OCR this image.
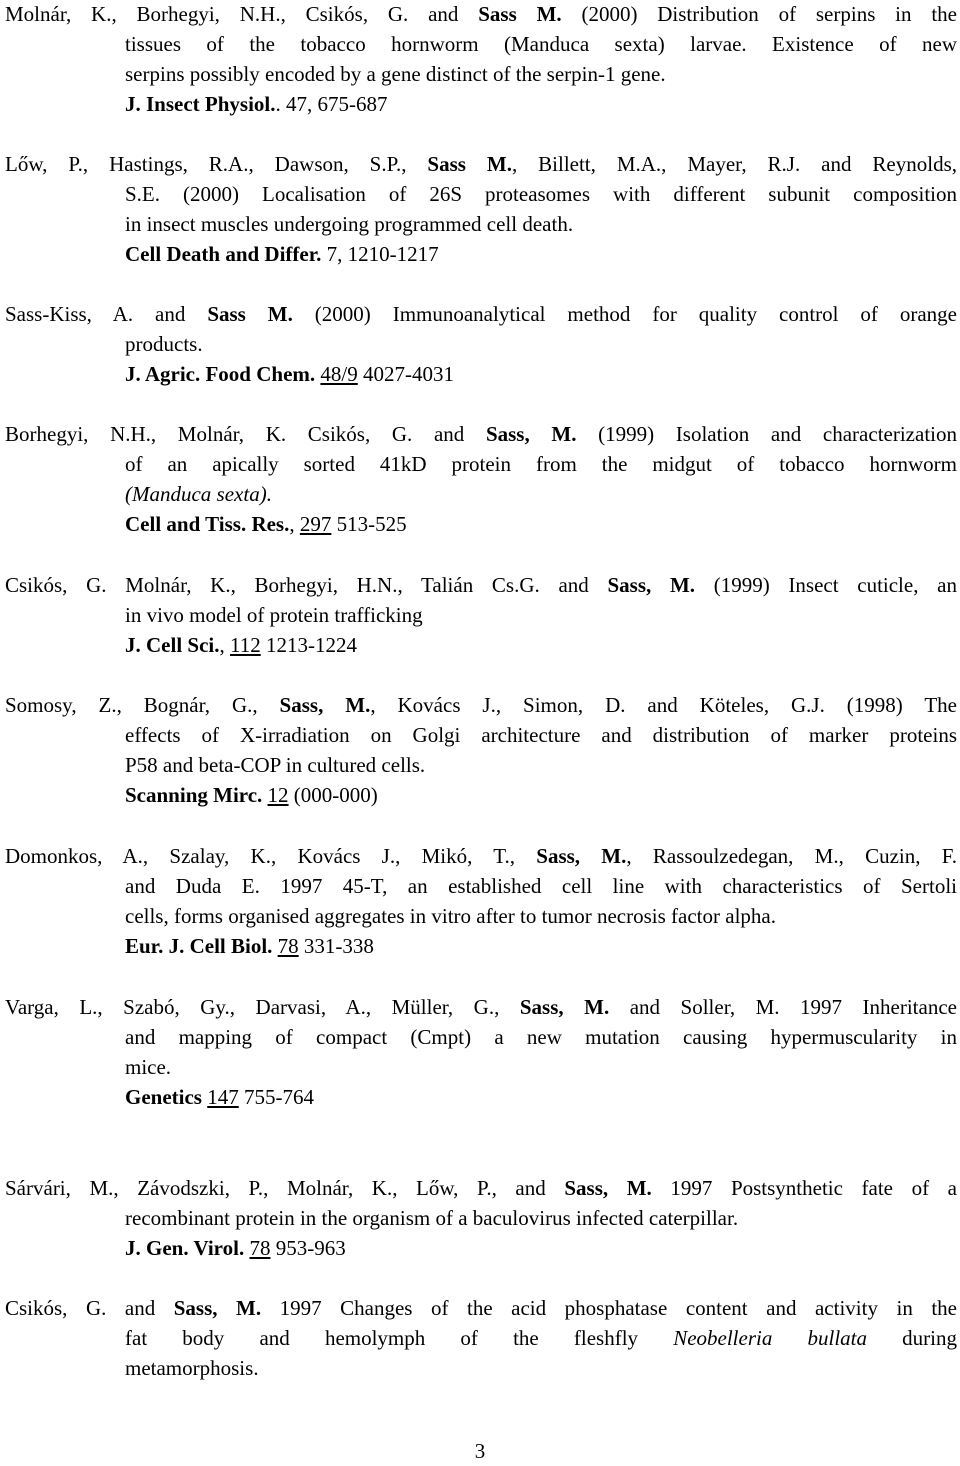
Molnár, K., Borhegyi, N.H., Csikós, G. and Sass M. (2000) Distribution of serpins in the
tissues of the tobacco hornworm (Manduca sexta) larvae. Existence of new
serpins possibly encoded by a gene distinct of the serpin-1 gene.
J. Insect Physiol.. 47, 675-687
Lőw, P., Hastings, R.A., Dawson, S.P., Sass M., Billett, M.A., Mayer, R.J. and Reynolds,
S.E. (2000) Localisation of 26S proteasomes with different subunit composition
in insect muscles undergoing programmed cell death.
Cell Death and Differ. 7, 1210-1217
Sass-Kiss, A. and Sass M. (2000) Immunoanalytical method for quality control of orange
products.
J. Agric. Food Chem. 48/9 4027-4031
Borhegyi, N.H., Molnár, K. Csikós, G. and Sass, M. (1999) Isolation and characterization
of an apically sorted 41kD protein from the midgut of tobacco hornworm
(Manduca sexta).
Cell and Tiss. Res., 297 513-525
Csikós, G. Molnár, K., Borhegyi, H.N., Talián Cs.G. and Sass, M. (1999) Insect cuticle, an
in vivo model of protein trafficking
J. Cell Sci., 112 1213-1224
Somosy, Z., Bognár, G., Sass, M., Kovács J., Simon, D. and Köteles, G.J. (1998) The
effects of X-irradiation on Golgi architecture and distribution of marker proteins
P58 and beta-COP in cultured cells.
Scanning Mirc. 12 (000-000)
Domonkos, A., Szalay, K., Kovács J., Mikó, T., Sass, M., Rassoulzedegan, M., Cuzin, F.
and Duda E. 1997 45-T, an established cell line with characteristics of Sertoli
cells, forms organised aggregates in vitro after to tumor necrosis factor alpha.
Eur. J. Cell Biol. 78 331-338
Varga, L., Szabó, Gy., Darvasi, A., Müller, G., Sass, M. and Soller, M. 1997 Inheritance
and mapping of compact (Cmpt) a new mutation causing hypermuscularity in
mice.
Genetics 147 755-764
Sárvári, M., Závodszki, P., Molnár, K., Lőw, P., and Sass, M. 1997 Postsynthetic fate of a
recombinant protein in the organism of a baculovirus infected caterpillar.
J. Gen. Virol. 78 953-963
Csikós, G. and Sass, M. 1997 Changes of the acid phosphatase content and activity in the
fat body and hemolymph of the fleshfly Neobelleria bullata during
metamorphosis.
3
